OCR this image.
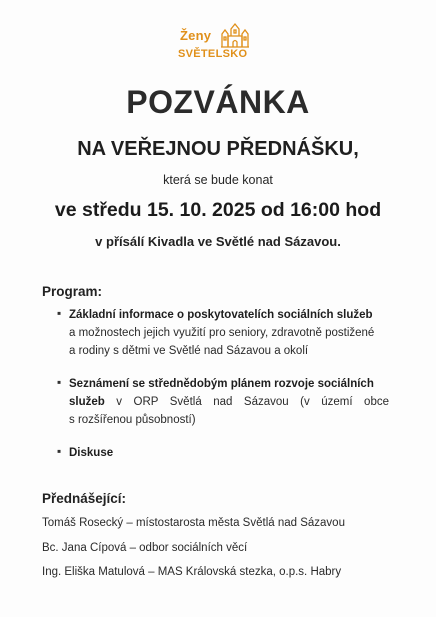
Ženy
SVĚTELSKO
POZVÁNKA
NA VEŘEJNOU PŘEDNÁŠKU,
která se bude konat
ve středu 15. 10. 2025 od 16:00 hod
v přísálí Kivadla ve Světlé nad Sázavou.
Program:
▪ Základní informace o poskytovatelích sociálních služeb
a možnostech jejich využití pro seniory, zdravotně postižené
a rodiny s dětmi ve Světlé nad Sázavou a okolí
▪ Seznámení se střednědobým plánem rozvoje sociálních
služeb v ORP Světlá nad Sázavou (v území obce
s rozšířenou působností)
▪ Diskuse
Přednášející:
Tomáš Rosecký – místostarosta města Světlá nad Sázavou
Bc. Jana Cípová – odbor sociálních věcí
Ing. Eliška Matulová – MAS Královská stezka, o.p.s. Habry
